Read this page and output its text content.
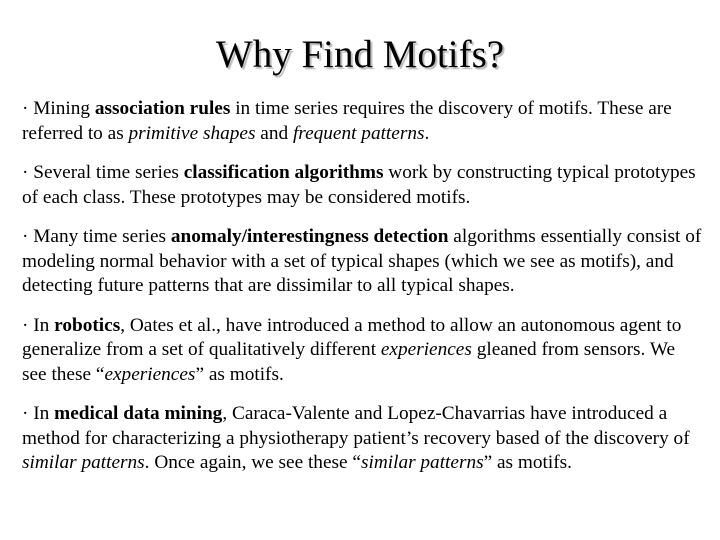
Why Find Motifs?

· Mining association rules in time series requires the discovery of motifs. These are referred to as primitive shapes and frequent patterns.

· Several time series classification algorithms work by constructing typical prototypes of each class. These prototypes may be considered motifs.

· Many time series anomaly/interestingness detection algorithms essentially consist of modeling normal behavior with a set of typical shapes (which we see as motifs), and detecting future patterns that are dissimilar to all typical shapes.

· In robotics, Oates et al., have introduced a method to allow an autonomous agent to generalize from a set of qualitatively different experiences gleaned from sensors. We see these “experiences” as motifs.

· In medical data mining, Caraca-Valente and Lopez-Chavarrias have introduced a method for characterizing a physiotherapy patient’s recovery based of the discovery of similar patterns. Once again, we see these “similar patterns” as motifs.
